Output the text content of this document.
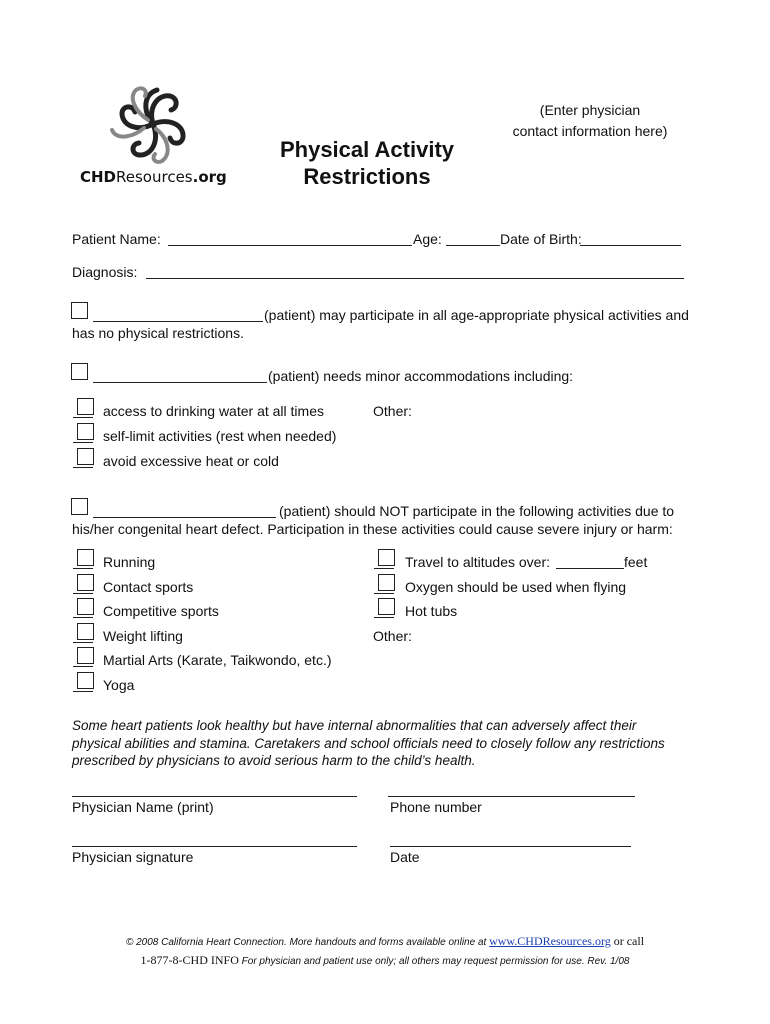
CHDResources.org
Physical Activity
Restrictions
(Enter physician
contact information here)
Patient Name:	Age:	Date of Birth:
Diagnosis:
(patient) may participate in all age-appropriate physical activities and
has no physical restrictions.
(patient) needs minor accommodations including:
access to drinking water at all times
self-limit activities (rest when needed)
avoid excessive heat or cold
Other:
(patient) should NOT participate in the following activities due to
his/her congenital heart defect. Participation in these activities could cause severe injury or harm:
Running
Contact sports
Competitive sports
Weight lifting
Martial Arts (Karate, Taikwondo, etc.)
Yoga
Travel to altitudes over:	feet
Oxygen should be used when flying
Hot tubs
Other:
Some heart patients look healthy but have internal abnormalities that can adversely affect their
physical abilities and stamina. Caretakers and school officials need to closely follow any restrictions
prescribed by physicians to avoid serious harm to the child’s health.
Physician Name (print)	Phone number
Physician signature	Date
© 2008 California Heart Connection. More handouts and forms available online at www.CHDResources.org or call
1-877-8-CHD INFO For physician and patient use only; all others may request permission for use. Rev. 1/08
